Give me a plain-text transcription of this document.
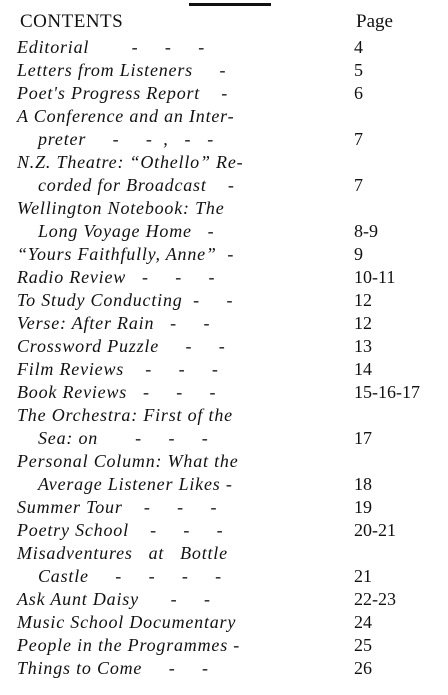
CONTENTS	Page
Editorial        -     -     -	4
Letters from Listeners     -	5
Poet's Progress Report    -	6
A Conference and an Inter-
preter     -     -  ,   -   -	7
N.Z. Theatre: “Othello” Re-
corded for Broadcast    -	7
Wellington Notebook: The
Long Voyage Home   -	8-9
“Yours Faithfully, Anne”  -	9
Radio Review   -     -     -	10-11
To Study Conducting  -     -	12
Verse: After Rain   -     -	12
Crossword Puzzle     -     -	13
Film Reviews    -     -     -	14
Book Reviews   -     -     -	15-16-17
The Orchestra: First of the
Sea: on       -     -     -	17
Personal Column: What the
Average Listener Likes -	18
Summer Tour    -     -     -	19
Poetry School    -     -     -	20-21
Misadventures   at   Bottle
Castle     -     -     -     -	21
Ask Aunt Daisy      -     -	22-23
Music School Documentary	24
People in the Programmes -	25
Things to Come     -     -	26
